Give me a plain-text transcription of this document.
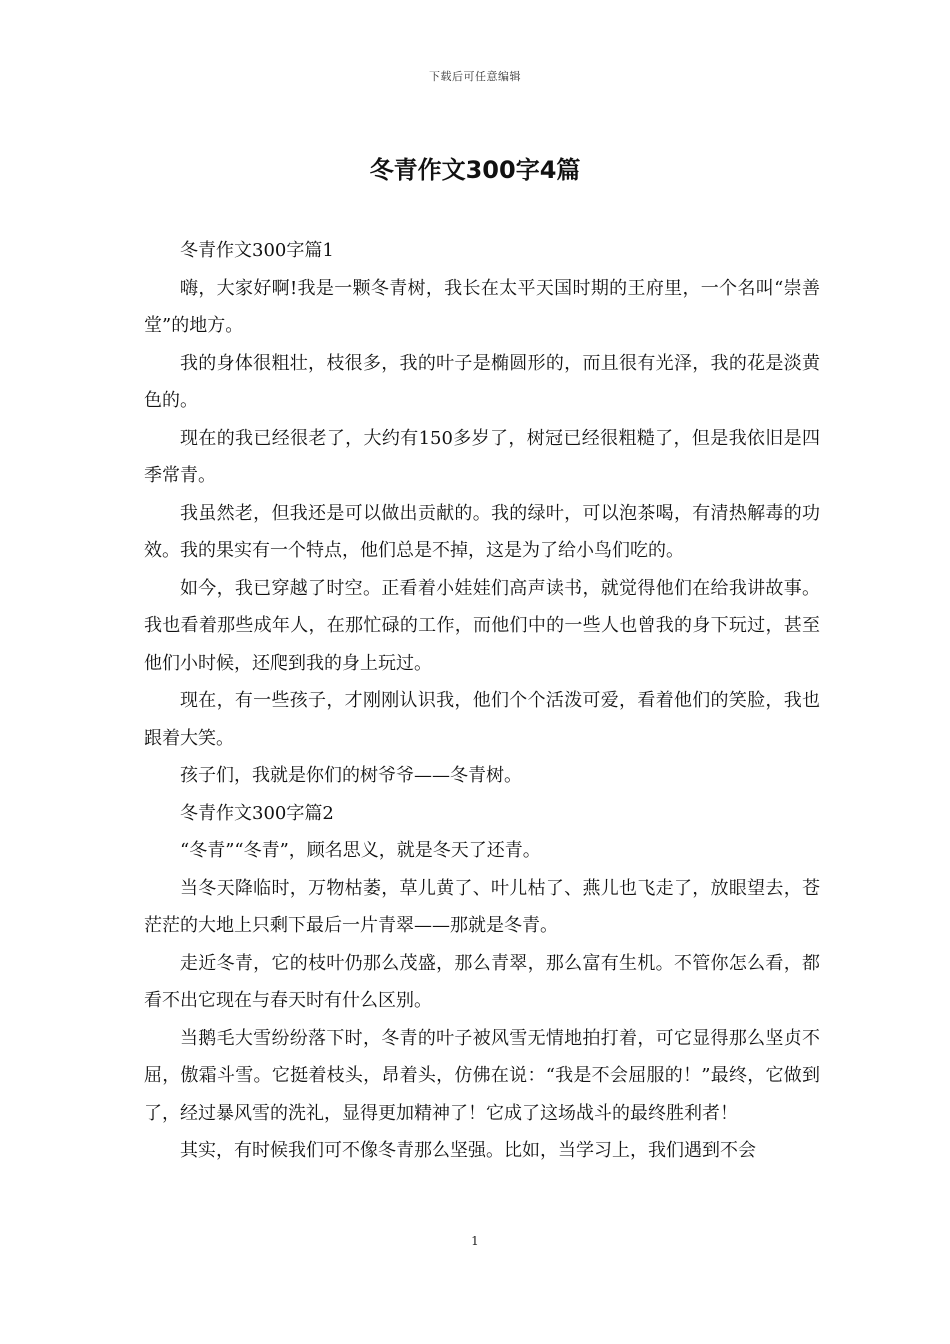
下载后可任意编辑
冬青作文300字4篇

冬青作文300字篇1

嗨，大家好啊!我是一颗冬青树，我长在太平天国时期的王府里，一个名叫“崇善堂”的地方。

我的身体很粗壮，枝很多，我的叶子是椭圆形的，而且很有光泽，我的花是淡黄色的。

现在的我已经很老了，大约有150多岁了，树冠已经很粗糙了，但是我依旧是四季常青。

我虽然老，但我还是可以做出贡献的。我的绿叶，可以泡茶喝，有清热解毒的功效。我的果实有一个特点，他们总是不掉，这是为了给小鸟们吃的。

如今，我已穿越了时空。正看着小娃娃们高声读书，就觉得他们在给我讲故事。我也看着那些成年人，在那忙碌的工作，而他们中的一些人也曾我的身下玩过，甚至他们小时候，还爬到我的身上玩过。

现在，有一些孩子，才刚刚认识我，他们个个活泼可爱，看着他们的笑脸，我也跟着大笑。

孩子们，我就是你们的树爷爷——冬青树。

冬青作文300字篇2

“冬青”“冬青”，顾名思义，就是冬天了还青。

当冬天降临时，万物枯萎，草儿黄了、叶儿枯了、燕儿也飞走了，放眼望去，苍茫茫的大地上只剩下最后一片青翠——那就是冬青。

走近冬青，它的枝叶仍那么茂盛，那么青翠，那么富有生机。不管你怎么看，都看不出它现在与春天时有什么区别。

当鹅毛大雪纷纷落下时，冬青的叶子被风雪无情地拍打着，可它显得那么坚贞不屈，傲霜斗雪。它挺着枝头，昂着头，仿佛在说：“我是不会屈服的！”最终，它做到了，经过暴风雪的洗礼，显得更加精神了！它成了这场战斗的最终胜利者！

其实，有时候我们可不像冬青那么坚强。比如，当学习上，我们遇到不会

1
